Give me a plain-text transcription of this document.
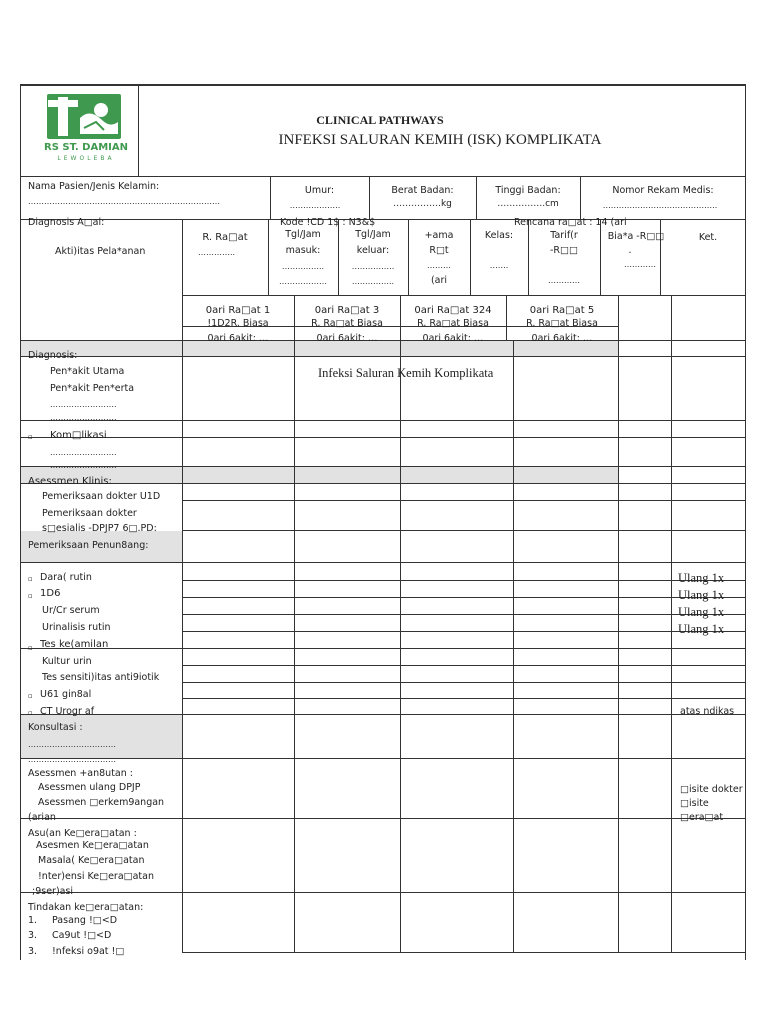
RS ST. DAMIAN
LEWOLEBA
CLINICAL PATHWAYS
INFEKSI SALURAN KEMIH (ISK) KOMPLIKATA
Nama Pasien/Jenis Kelamin:
………………………………………………………………
Umur:
……………….
Berat Badan:
…………….kg
Tinggi Badan:
…………….cm
Nomor Rekam Medis:
…………………………………….
Diagnosis A□al:	Kode !CD 1$ : N3&$	Rencana ra□at : 14 (ari
Akti)itas Pela*anan
R. Ra□at
…………..
Tgl/Jam
masuk:
……..……..
………………
Tgl/Jam
keluar:
…………….
…..………..
+ama
R□t
………
(ari
Kelas:
…….
Tarif(r
-R□□
…………
Bia*a -R□□
.
…………
Ket.
0ari Ra□at 1
!1D2R. Biasa
0ari 6akit: …
0ari Ra□at 3
R. Ra□at Biasa
0ari 6akit: …
0ari Ra□at 324
R. Ra□at Biasa
0ari 6akit: …
0ari Ra□at 5
R. Ra□at Biasa
0ari 6akit: …
Diagnosis:
Pen*akit Utama
Pen*akit Pen*erta
…………………….
…………………….
▫ Kom□likasi
…………………….
…………………….
Infeksi Saluran Kemih Komplikata
Asessmen Klinis:
Pemeriksaan dokter U1D
Pemeriksaan dokter
s□esialis -DPJP7 6□.PD:
Pemeriksaan Penun8ang:
▫ Dara( rutin
▫ 1D6
Ur/Cr serum
Urinalisis rutin
▫ Tes ke(amilan
Kultur urin
Tes sensiti)itas anti9iotik
▫ U61 gin8al
▫ CT Urogr af
Ulang 1x
Ulang 1x
Ulang 1x
Ulang 1x
atas ndikas
Konsultasi :
……………………………
……………………………
Asessmen +an8utan :
Asessmen ulang DPJP
Asessmen □erkem9angan
(arian
□isite dokter
□isite
□era□at
Asu(an Ke□era□atan :
Asesmen Ke□era□atan
Masala( Ke□era□atan
!nter)ensi Ke□era□atan
;9ser)asi
Tindakan ke□era□atan:
1. Pasang !□<D
3. Ca9ut !□<D
3. !nfeksi o9at !□
